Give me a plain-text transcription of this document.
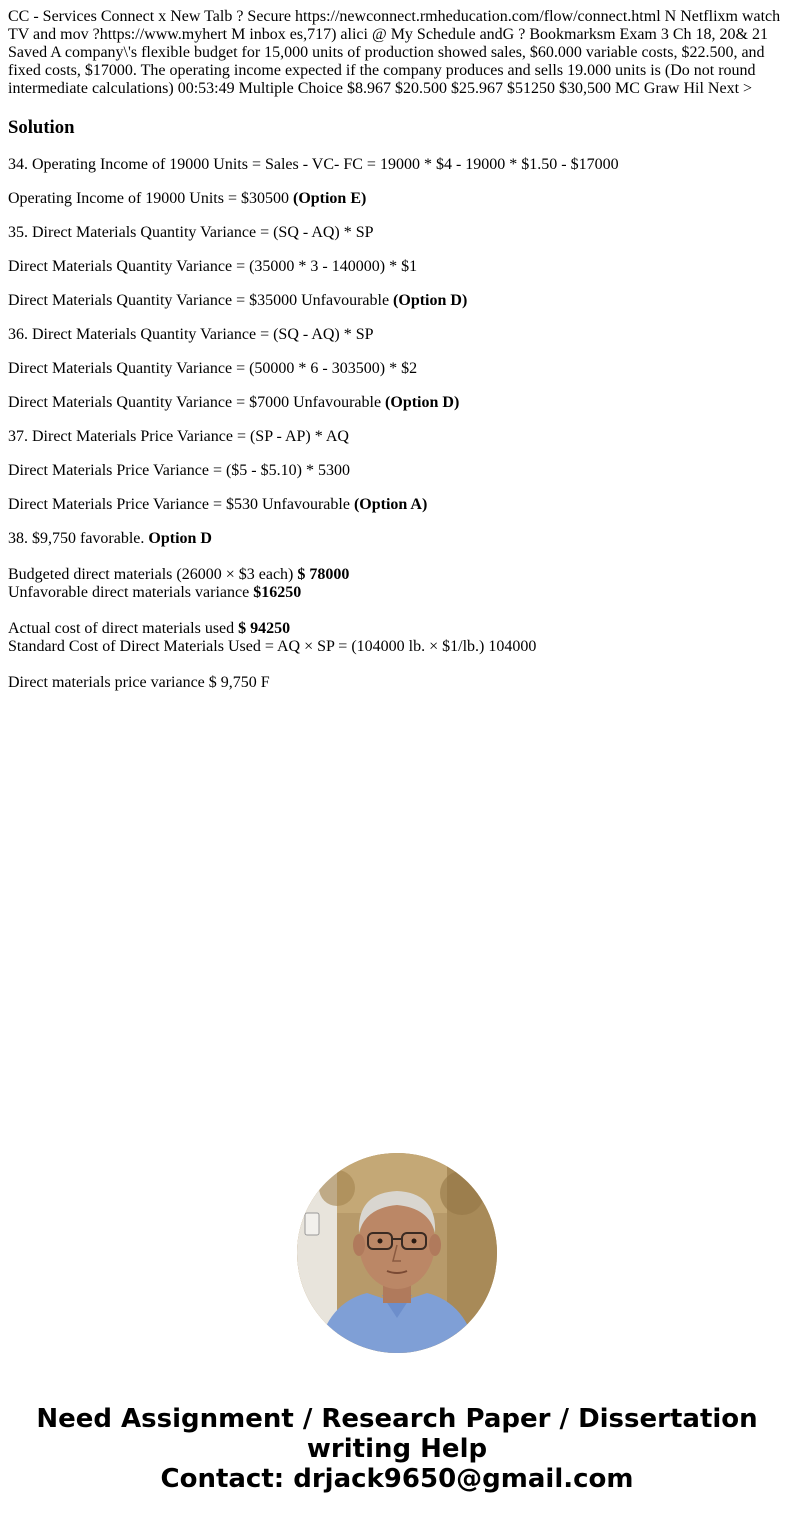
CC - Services Connect x New Talb ? Secure https://newconnect.rmheducation.com/flow/connect.html N Netflixm watch TV and mov ?https://www.myhert M inbox es,717) alici @ My Schedule andG ? Bookmarksm Exam 3 Ch 18, 20& 21 Saved A company\'s flexible budget for 15,000 units of production showed sales, $60.000 variable costs, $22.500, and fixed costs, $17000. The operating income expected if the company produces and sells 19.000 units is (Do not round intermediate calculations) 00:53:49 Multiple Choice $8.967 $20.500 $25.967 $51250 $30,500 MC Graw Hil Next >
Solution

34. Operating Income of 19000 Units = Sales - VC- FC = 19000 * $4 - 19000 * $1.50 - $17000

Operating Income of 19000 Units = $30500 (Option E)

35. Direct Materials Quantity Variance = (SQ - AQ) * SP

Direct Materials Quantity Variance = (35000 * 3 - 140000) * $1

Direct Materials Quantity Variance = $35000 Unfavourable (Option D)

36. Direct Materials Quantity Variance = (SQ - AQ) * SP

Direct Materials Quantity Variance = (50000 * 6 - 303500) * $2

Direct Materials Quantity Variance = $7000 Unfavourable (Option D)

37. Direct Materials Price Variance = (SP - AP) * AQ

Direct Materials Price Variance = ($5 - $5.10) * 5300

Direct Materials Price Variance = $530 Unfavourable (Option A)

38. $9,750 favorable. Option D

Budgeted direct materials (26000 × $3 each) $ 78000
Unfavorable direct materials variance $16250
Actual cost of direct materials used $ 94250
Standard Cost of Direct Materials Used = AQ × SP = (104000 lb. × $1/lb.) 104000

Direct materials price variance $ 9,750 F

Need Assignment / Research Paper / Dissertation
writing Help
Contact: drjack9650@gmail.com
